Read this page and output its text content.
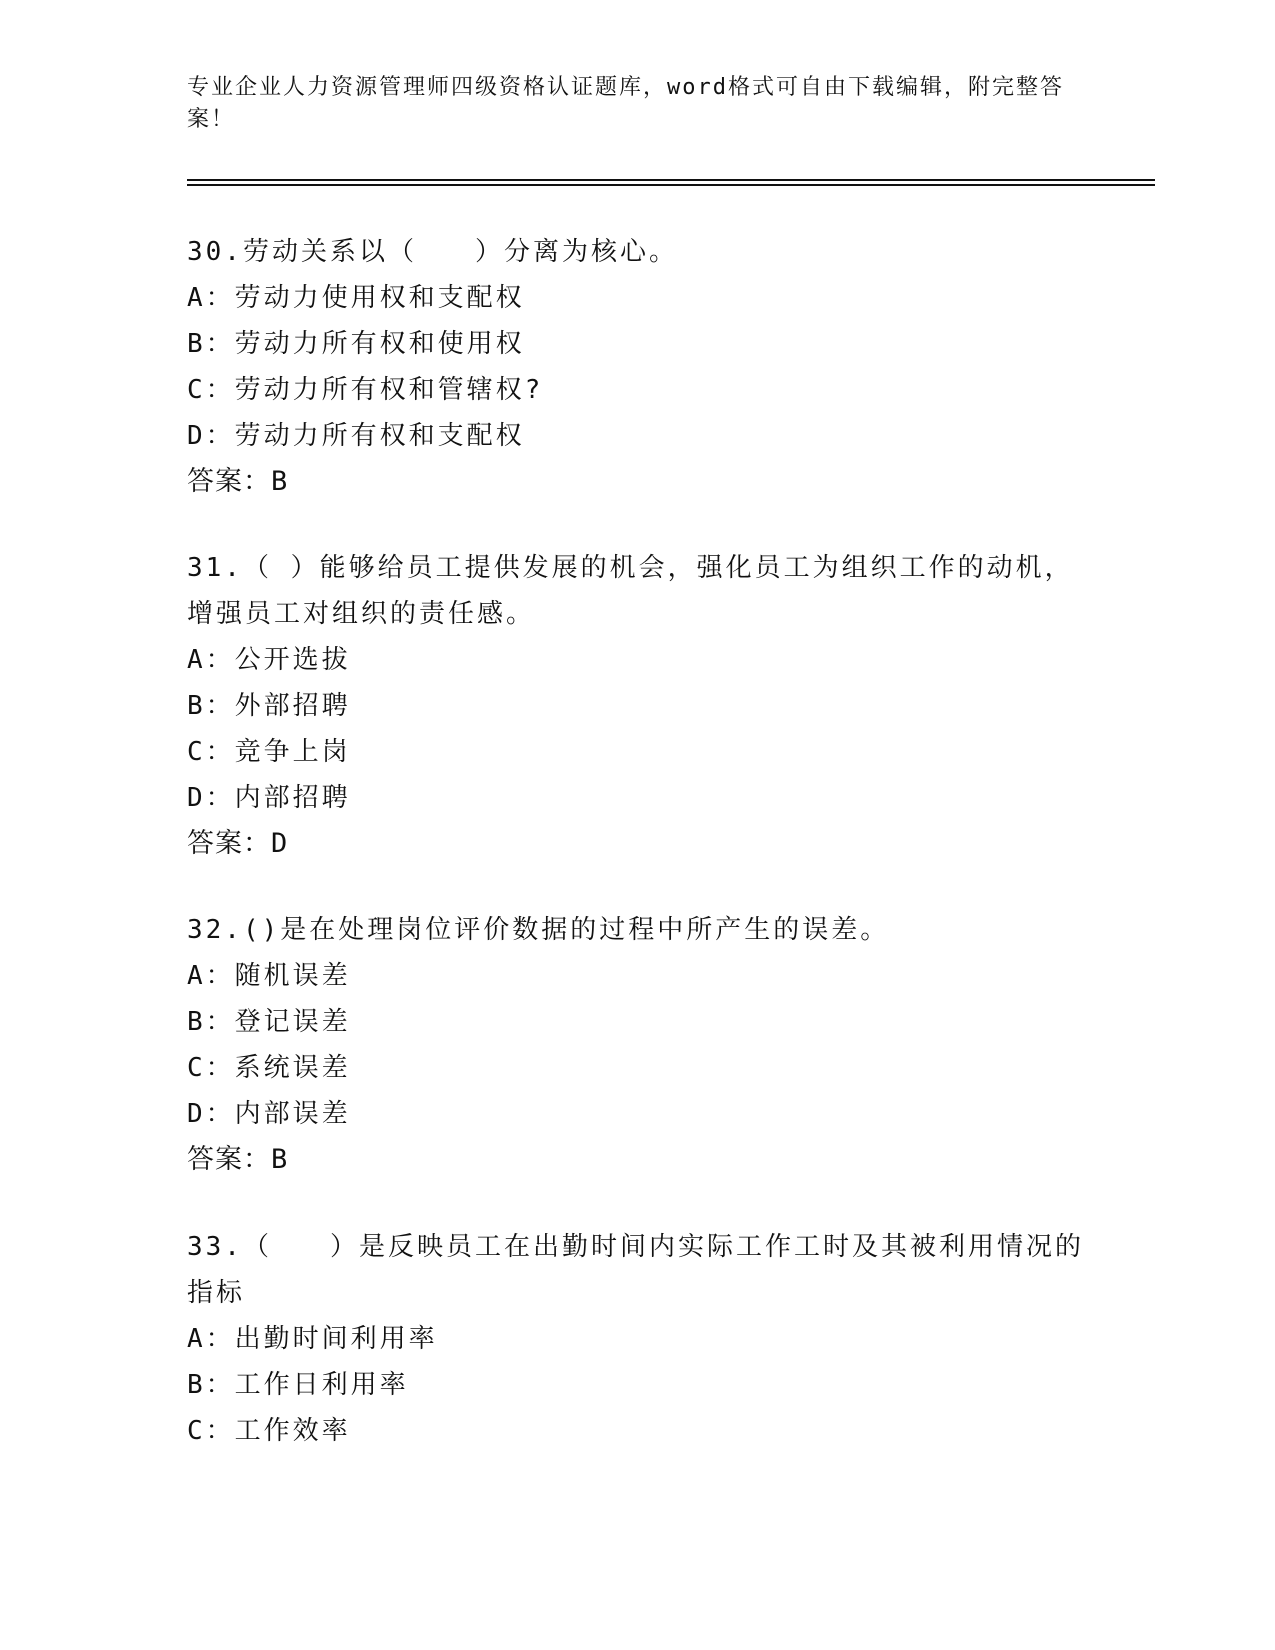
专业企业人力资源管理师四级资格认证题库，word格式可自由下载编辑，附完整答案！

30.劳动关系以（　　）分离为核心。

A：劳动力使用权和支配权
B：劳动力所有权和使用权
C：劳动力所有权和管辖权?
D：劳动力所有权和支配权
答案：B

31.（ ）能够给员工提供发展的机会，强化员工为组织工作的动机，增强员工对组织的责任感。

A：公开选拔
B：外部招聘
C：竞争上岗
D：内部招聘
答案：D

32.()是在处理岗位评价数据的过程中所产生的误差。

A：随机误差
B：登记误差
C：系统误差
D：内部误差
答案：B

33.（　　）是反映员工在出勤时间内实际工作工时及其被利用情况的指标

A：出勤时间利用率
B：工作日利用率
C：工作效率
